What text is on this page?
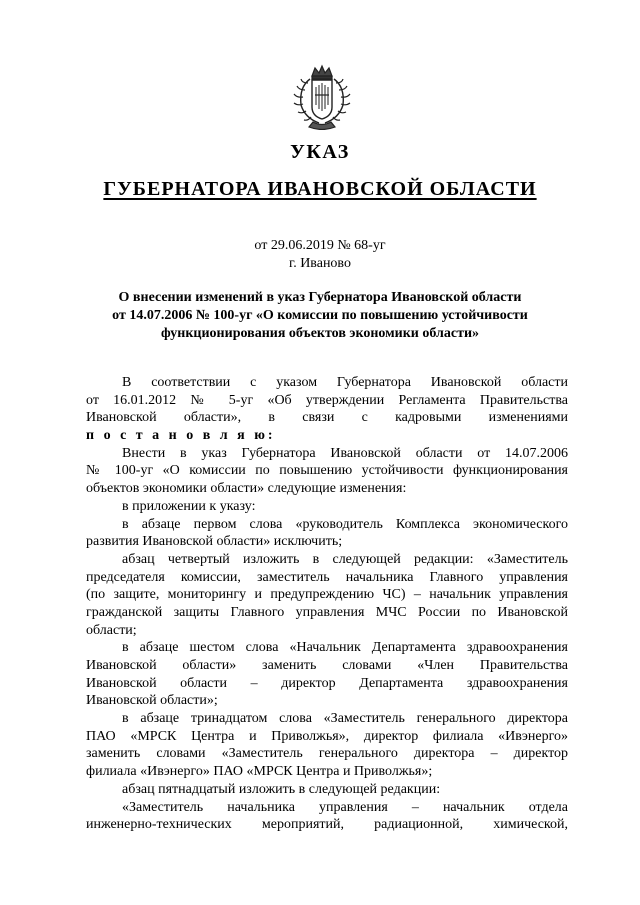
УКАЗ
ГУБЕРНАТОРА ИВАНОВСКОЙ ОБЛАСТИ
от 29.06.2019 № 68-уг
г. Иваново
О внесении изменений в указ Губернатора Ивановской области
от 14.07.2006 № 100-уг «О комиссии по повышению устойчивости
функционирования объектов экономики области»
В соответствии с указом Губернатора Ивановской области
от 16.01.2012 № 5-уг «Об утверждении Регламента Правительства
Ивановской области», в связи с кадровыми изменениями
п о с т а н о в л я ю:
Внести в указ Губернатора Ивановской области от 14.07.2006
№ 100-уг «О комиссии по повышению устойчивости функционирования
объектов экономики области» следующие изменения:
в приложении к указу:
в абзаце первом слова «руководитель Комплекса экономического
развития Ивановской области» исключить;
абзац четвертый изложить в следующей редакции: «Заместитель
председателя комиссии, заместитель начальника Главного управления
(по защите, мониторингу и предупреждению ЧС) – начальник управления
гражданской защиты Главного управления МЧС России по Ивановской
области;
в абзаце шестом слова «Начальник Департамента здравоохранения
Ивановской области» заменить словами «Член Правительства
Ивановской области – директор Департамента здравоохранения
Ивановской области»;
в абзаце тринадцатом слова «Заместитель генерального директора
ПАО «МРСК Центра и Приволжья», директор филиала «Ивэнерго»
заменить словами «Заместитель генерального директора – директор
филиала «Ивэнерго» ПАО «МРСК Центра и Приволжья»;
абзац пятнадцатый изложить в следующей редакции:
«Заместитель начальника управления – начальник отдела
инженерно-технических мероприятий, радиационной, химической,
